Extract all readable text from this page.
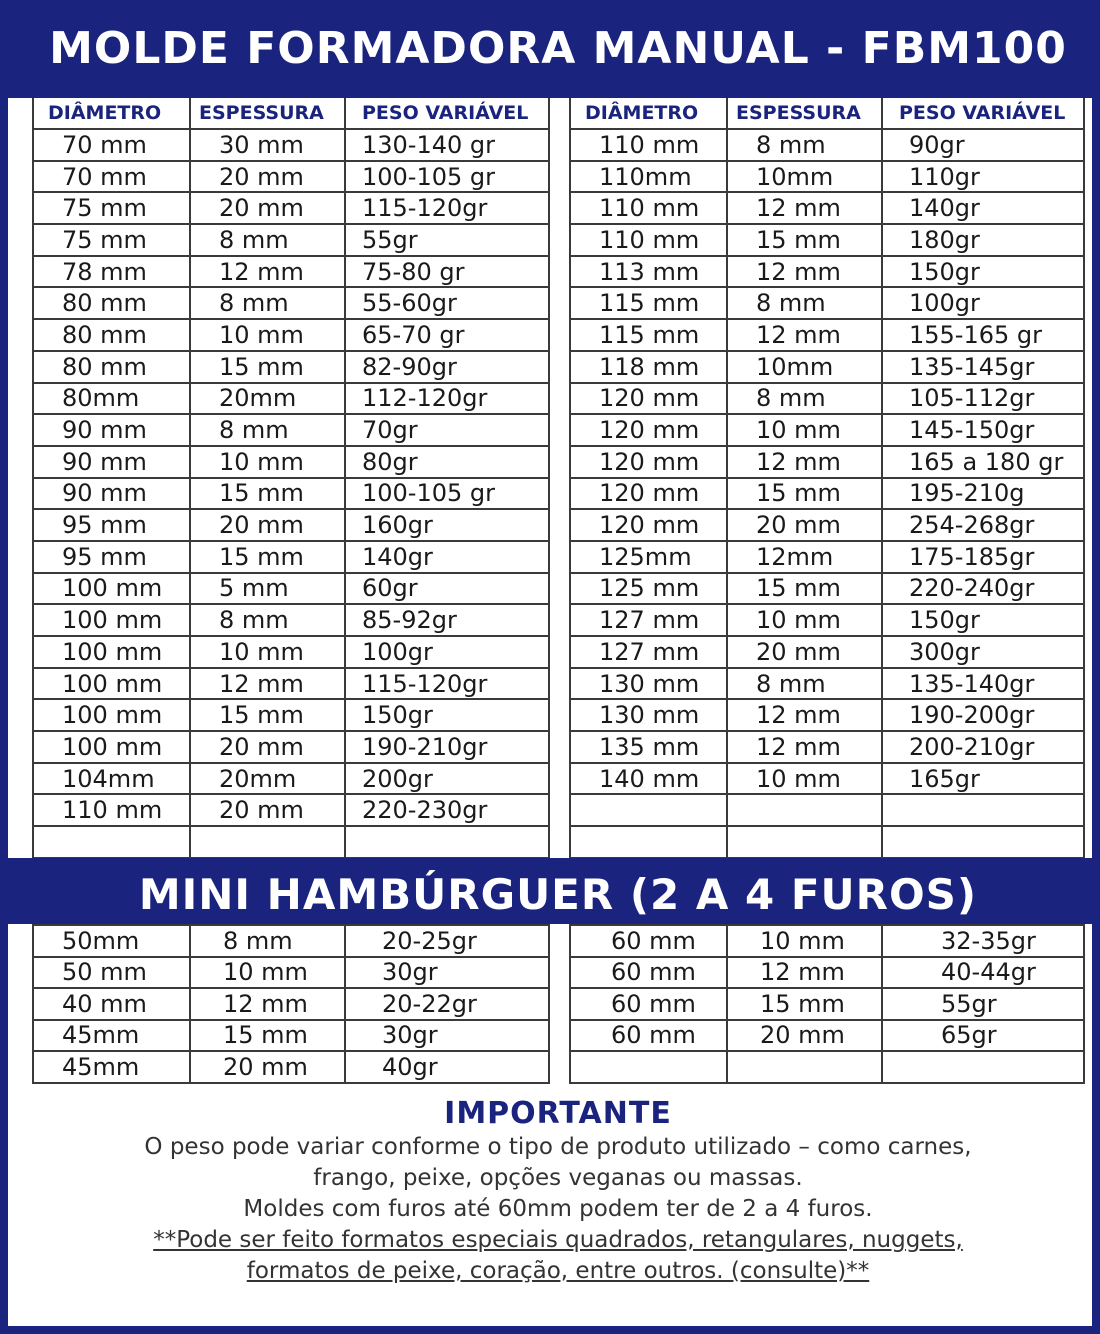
MOLDE FORMADORA MANUAL - FBM100
DIÂMETRO	ESPESSURA	PESO VARIÁVEL
70 mm	30 mm	130-140 gr
70 mm	20 mm	100-105 gr
75 mm	20 mm	115-120gr
75 mm	8 mm	55gr
78 mm	12 mm	75-80 gr
80 mm	8 mm	55-60gr
80 mm	10 mm	65-70 gr
80 mm	15 mm	82-90gr
80mm	20mm	112-120gr
90 mm	8 mm	70gr
90 mm	10 mm	80gr
90 mm	15 mm	100-105 gr
95 mm	20 mm	160gr
95 mm	15 mm	140gr
100 mm	5 mm	60gr
100 mm	8 mm	85-92gr
100 mm	10 mm	100gr
100 mm	12 mm	115-120gr
100 mm	15 mm	150gr
100 mm	20 mm	190-210gr
104mm	20mm	200gr
110 mm	20 mm	220-230gr

DIÂMETRO	ESPESSURA	PESO VARIÁVEL
110 mm	8 mm	90gr
110mm	10mm	110gr
110 mm	12 mm	140gr
110 mm	15 mm	180gr
113 mm	12 mm	150gr
115 mm	8 mm	100gr
115 mm	12 mm	155-165 gr
118 mm	10mm	135-145gr
120 mm	8 mm	105-112gr
120 mm	10 mm	145-150gr
120 mm	12 mm	165 a 180 gr
120 mm	15 mm	195-210g
120 mm	20 mm	254-268gr
125mm	12mm	175-185gr
125 mm	15 mm	220-240gr
127 mm	10 mm	150gr
127 mm	20 mm	300gr
130 mm	8 mm	135-140gr
130 mm	12 mm	190-200gr
135 mm	12 mm	200-210gr
140 mm	10 mm	165gr

MINI HAMBÚRGUER (2 A 4 FUROS)
50mm	8 mm	20-25gr
50 mm	10 mm	30gr
40 mm	12 mm	20-22gr
45mm	15 mm	30gr
45mm	20 mm	40gr
60 mm	10 mm	32-35gr
60 mm	12 mm	40-44gr
60 mm	15 mm	55gr
60 mm	20 mm	65gr

IMPORTANTE
O peso pode variar conforme o tipo de produto utilizado – como carnes,
frango, peixe, opções veganas ou massas.
Moldes com furos até 60mm podem ter de 2 a 4 furos.
**Pode ser feito formatos especiais quadrados, retangulares, nuggets,
formatos de peixe, coração, entre outros. (consulte)**
